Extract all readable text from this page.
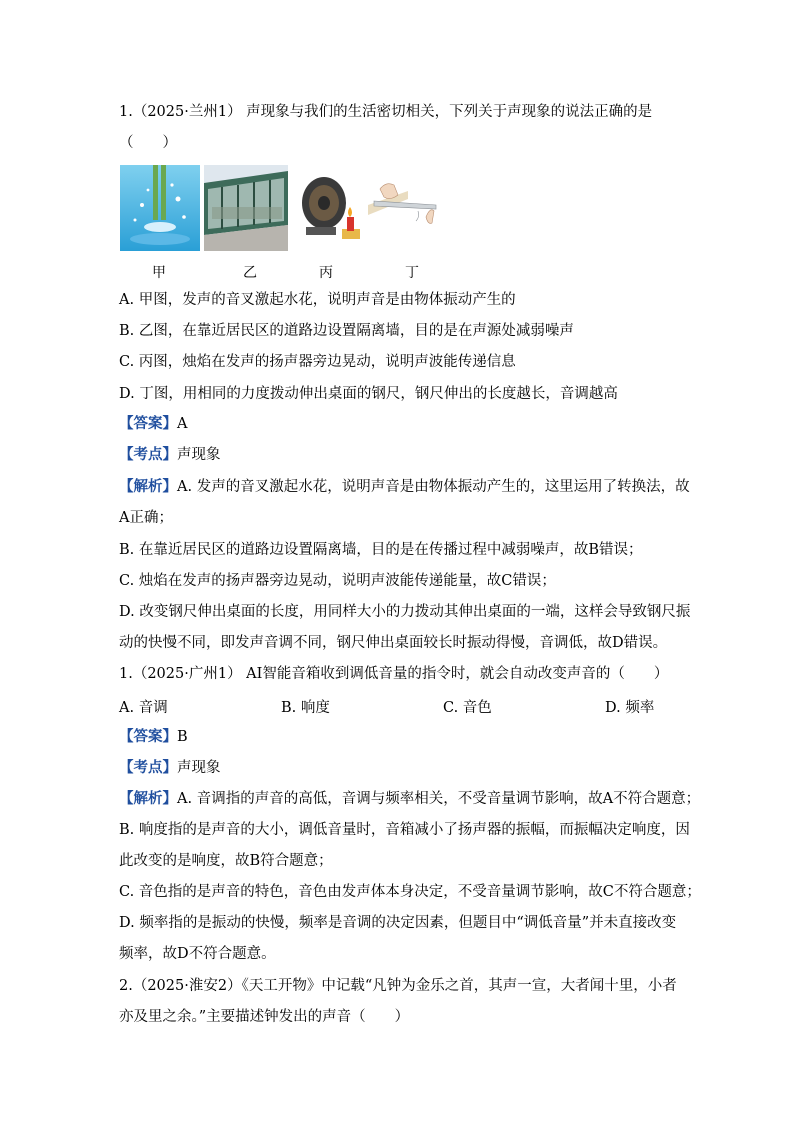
1.（2025·兰州1） 声现象与我们的生活密切相关，下列关于声现象的说法正确的是
（　　）
甲	乙	丙	丁
A. 甲图，发声的音叉激起水花，说明声音是由物体振动产生的
B. 乙图，在靠近居民区的道路边设置隔离墙，目的是在声源处减弱噪声
C. 丙图，烛焰在发声的扬声器旁边晃动，说明声波能传递信息
D. 丁图，用相同的力度拨动伸出桌面的钢尺，钢尺伸出的长度越长，音调越高
【答案】A
【考点】声现象
【解析】A. 发声的音叉激起水花，说明声音是由物体振动产生的，这里运用了转换法，故
A正确；
B. 在靠近居民区的道路边设置隔离墙，目的是在传播过程中减弱噪声，故B错误；
C. 烛焰在发声的扬声器旁边晃动，说明声波能传递能量，故C错误；
D. 改变钢尺伸出桌面的长度，用同样大小的力拨动其伸出桌面的一端，这样会导致钢尺振
动的快慢不同，即发声音调不同，钢尺伸出桌面较长时振动得慢，音调低，故D错误。
1.（2025·广州1） AI智能音箱收到调低音量的指令时，就会自动改变声音的（　　）
A. 音调	B. 响度	C. 音色	D. 频率
【答案】B
【考点】声现象
【解析】A. 音调指的声音的高低，音调与频率相关，不受音量调节影响，故A不符合题意；
B. 响度指的是声音的大小，调低音量时，音箱减小了扬声器的振幅，而振幅决定响度，因
此改变的是响度，故B符合题意；
C. 音色指的是声音的特色，音色由发声体本身决定，不受音量调节影响，故C不符合题意；
D. 频率指的是振动的快慢，频率是音调的决定因素，但题目中“调低音量”并未直接改变
频率，故D不符合题意。
2.（2025·淮安2）《天工开物》中记载“凡钟为金乐之首，其声一宣，大者闻十里，小者
亦及里之余。”主要描述钟发出的声音（　　）
